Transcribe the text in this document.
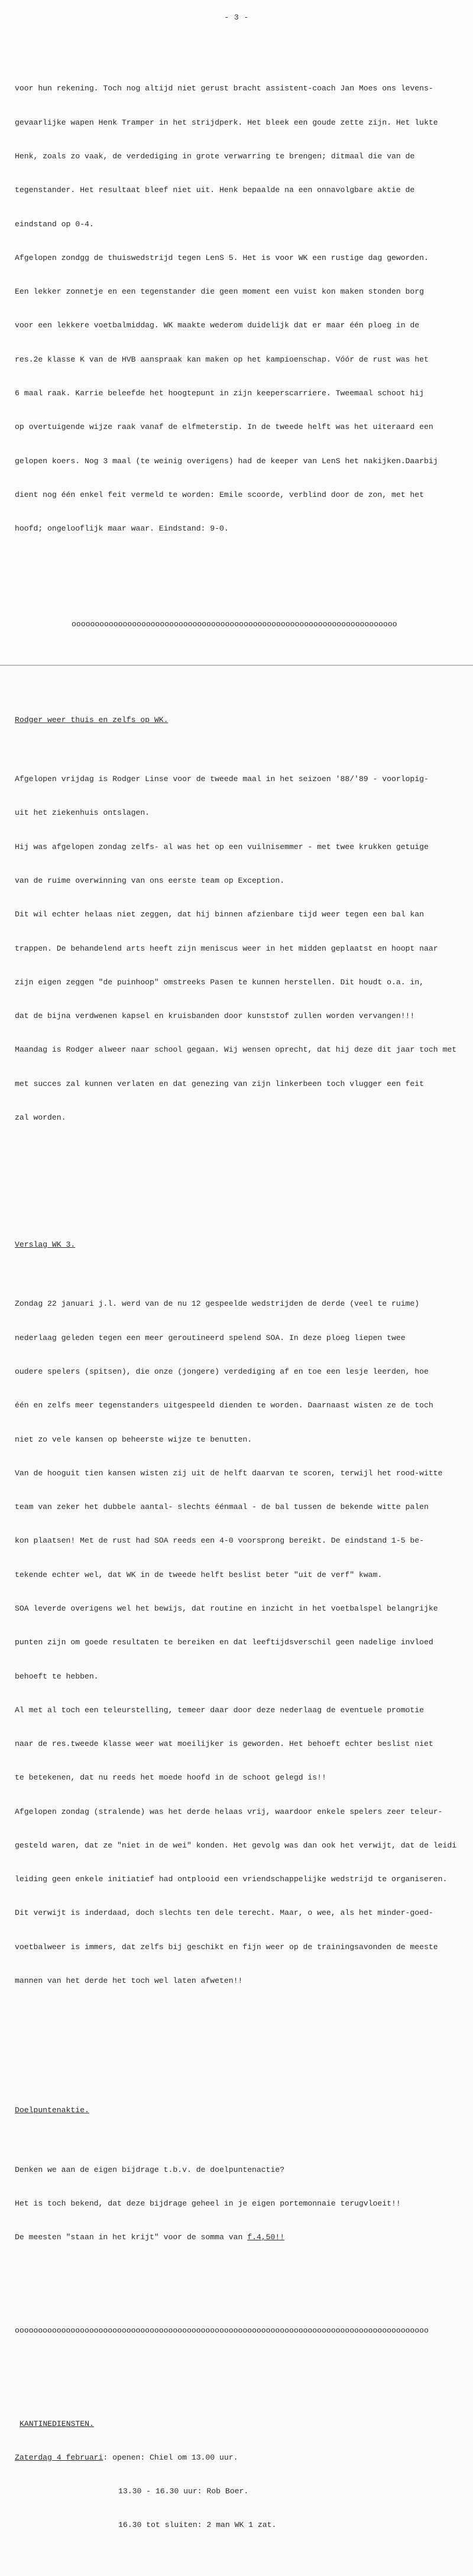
- 3 -

voor hun rekening. Toch nog altijd niet gerust bracht assistent-coach Jan Moes ons levens-

gevaarlijke wapen Henk Tramper in het strijdperk. Het bleek een goude zette zijn. Het lukte

Henk, zoals zo vaak, de verdediging in grote verwarring te brengen; ditmaal die van de

tegenstander. Het resultaat bleef niet uit. Henk bepaalde na een onnavolgbare aktie de

eindstand op 0-4.

Afgelopen zondgg de thuiswedstrijd tegen LenS 5. Het is voor WK een rustige dag geworden.

Een lekker zonnetje en een tegenstander die geen moment een vuist kon maken stonden borg

voor een lekkere voetbalmiddag. WK maakte wederom duidelijk dat er maar één ploeg in de

res.2e klasse K van de HVB aanspraak kan maken op het kampioenschap. Vóór de rust was het

6 maal raak. Karrie beleefde het hoogtepunt in zijn keeperscarriere. Tweemaal schoot hij

op overtuigende wijze raak vanaf de elfmeterstip. In de tweede helft was het uiteraard een

gelopen koers. Nog 3 maal (te weinig overigens) had de keeper van LenS het nakijken.Daarbij

dient nog één enkel feit vermeld te worden: Emile scoorde, verblind door de zon, met het

hoofd; ongelooflijk maar waar. Eindstand: 9-0.

oooooooooooooooooooooooooooooooooooooooooooooooooooooooooooooooooooooo

Rodger weer thuis en zelfs op WK.

Afgelopen vrijdag is Rodger Linse voor de tweede maal in het seizoen '88/'89 - voorlopig-

uit het ziekenhuis ontslagen.

Hij was afgelopen zondag zelfs- al was het op een vuilnisemmer - met twee krukken getuige

van de ruime overwinning van ons eerste team op Exception.

Dit wil echter helaas niet zeggen, dat hij binnen afzienbare tijd weer tegen een bal kan

trappen. De behandelend arts heeft zijn meniscus weer in het midden geplaatst en hoopt naar

zijn eigen zeggen "de puinhoop" omstreeks Pasen te kunnen herstellen. Dit houdt o.a. in,

dat de bijna verdwenen kapsel en kruisbanden door kunststof zullen worden vervangen!!!

Maandag is Rodger alweer naar school gegaan. Wij wensen oprecht, dat hij deze dit jaar toch met

met succes zal kunnen verlaten en dat genezing van zijn linkerbeen toch vlugger een feit

zal worden.

Verslag WK 3.

Zondag 22 januari j.l. werd van de nu 12 gespeelde wedstrijden de derde (veel te ruime)

nederlaag geleden tegen een meer geroutineerd spelend SOA. In deze ploeg liepen twee

oudere spelers (spitsen), die onze (jongere) verdediging af en toe een lesje leerden, hoe

één en zelfs meer tegenstanders uitgespeeld dienden te worden. Daarnaast wisten ze de toch

niet zo vele kansen op beheerste wijze te benutten.

Van de hooguit tien kansen wisten zij uit de helft daarvan te scoren, terwijl het rood-witte

team van zeker het dubbele aantal- slechts éénmaal - de bal tussen de bekende witte palen

kon plaatsen! Met de rust had SOA reeds een 4-0 voorsprong bereikt. De eindstand 1-5 be-

tekende echter wel, dat WK in de tweede helft beslist beter "uit de verf" kwam.

SOA leverde overigens wel het bewijs, dat routine en inzicht in het voetbalspel belangrijke

punten zijn om goede resultaten te bereiken en dat leeftijdsverschil geen nadelige invloed

behoeft te hebben.

Al met al toch een teleurstelling, temeer daar door deze nederlaag de eventuele promotie

naar de res.tweede klasse weer wat moeilijker is geworden. Het behoeft echter beslist niet

te betekenen, dat nu reeds het moede hoofd in de schoot gelegd is!!

Afgelopen zondag (stralende) was het derde helaas vrij, waardoor enkele spelers zeer teleur-

gesteld waren, dat ze "niet in de wei" konden. Het gevolg was dan ook het verwijt, dat de leidi

leiding geen enkele initiatief had ontplooid een vriendschappelijke wedstrijd te organiseren.

Dit verwijt is inderdaad, doch slechts ten dele terecht. Maar, o wee, als het minder-goed-

voetbalweer is immers, dat zelfs bij geschikt en fijn weer op de trainingsavonden de meeste

mannen van het derde het toch wel laten afweten!!

Doelpuntenaktie.

Denken we aan de eigen bijdrage t.b.v. de doelpuntenactie?

Het is toch bekend, dat deze bijdrage geheel in je eigen portemonnaie terugvloeit!!

De meesten "staan in het krijt" voor de somma van f.4,50!!

ooooooooooooooooooooooooooooooooooooooooooooooooooooooooooooooooooooooooooooooooooooooooo

KANTINEDIENSTEN.

Zaterdag 4 februari: openen: Chiel om 13.00 uur.

13.30 - 16.30 uur: Rob Boer.

16.30 tot sluiten: 2 man WK 1 zat.
